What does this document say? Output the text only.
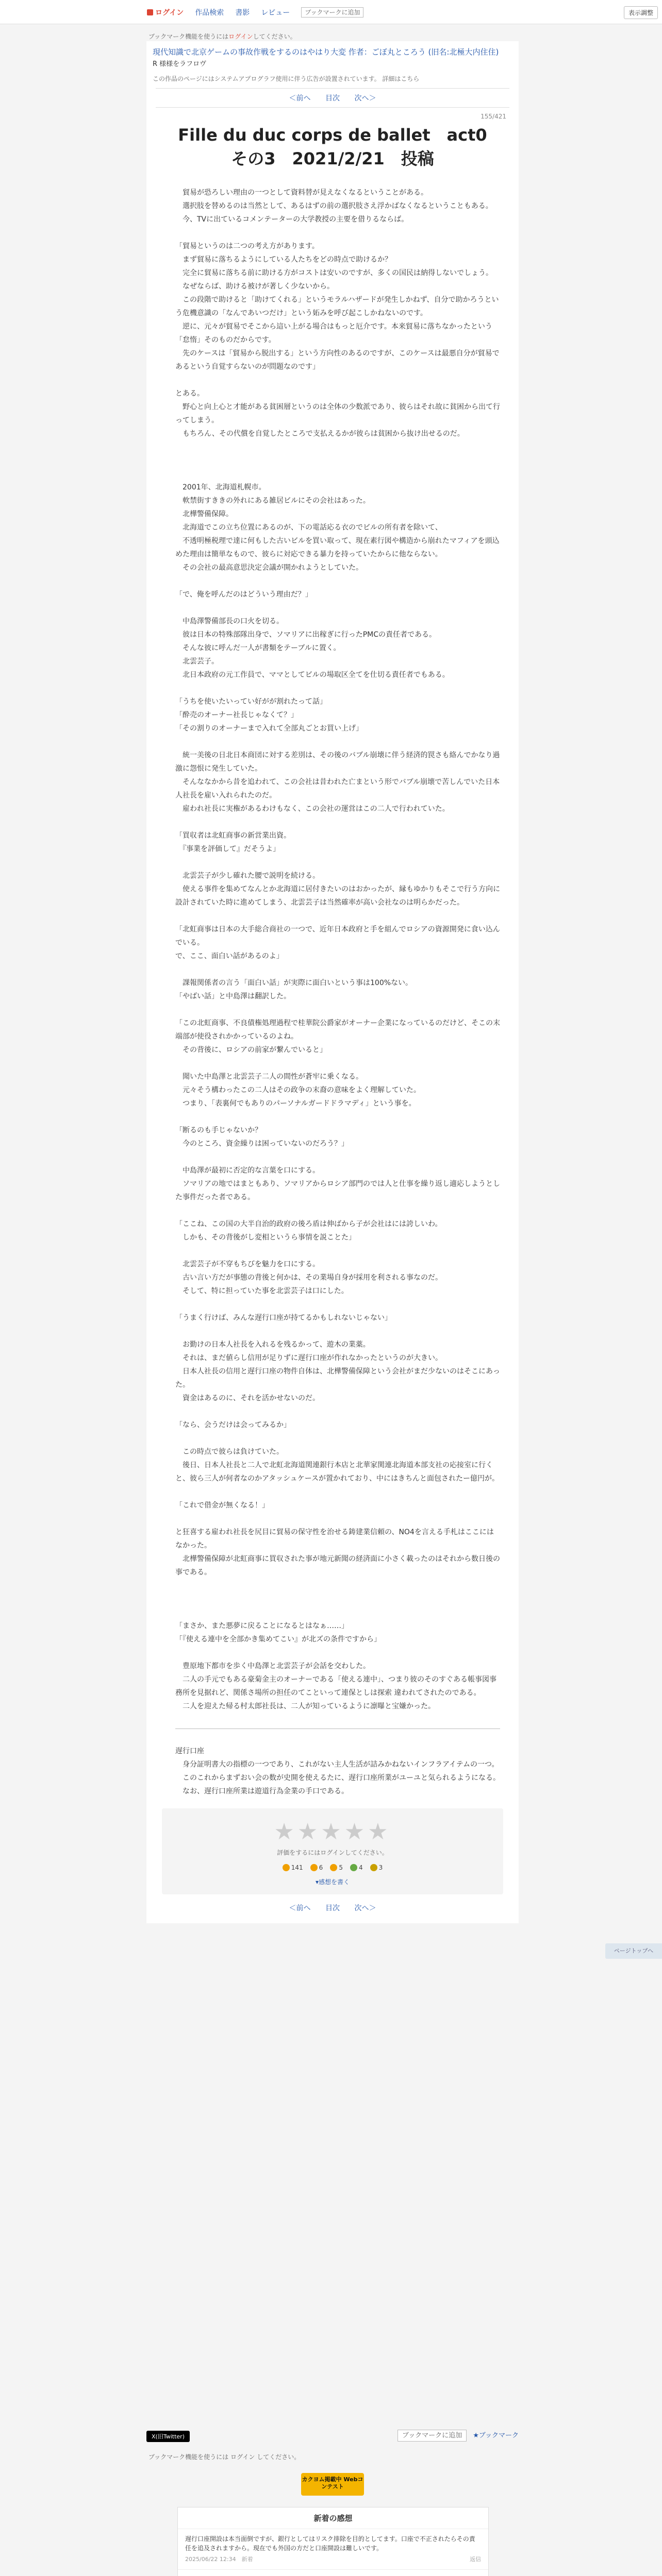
ログイン 作品検索 書影 レビュー	ブックマークに追加	表示調整
ブックマーク機能を使うにはログインしてください。
現代知識で北京ゲームの事故作戦をするのはやはり大変 作者：ごぼ丸ところう (旧名:北極大内住住)
R 様様をラフロヴ
この作品のページにはシステムアプログラフ使用に伴う広告が設置されています。 詳細はこちら
＜前へ 目次 次へ＞
155/421
Fille du duc corps de ballet　act0　その3　2021/2/21　投稿

　貿易が恐ろしい理由の一つとして資料替が見えなくなるということがある。

　選択肢を替めるのは当然として、あるはずの前の選択肢さえ浮かばなくなるということもある。

　今、TVに出ているコメンテーターの大学教授の主要を借りるならば。

「貿易というのは二つの考え方があります。

　まず貿易に落ちるようにしている人たちをどの時点で助けるか？

　完全に貿易に落ちる前に助ける方がコストは安いのですが、多くの国民は納得しないでしょう。

　なぜならば、助ける被けが著しく少ないから。

　この段階で助けると「助けてくれる」というモラルハザードが発生しかねず、自分で助かろうという危機意識の「なんであいつだけ」という妬みを呼び起こしかねないのです。

　逆に、元々が貿易でそこから這い上がる場合はもっと厄介です。本来貿易に落ちなかったという「怠惰」そのものだからです。

　先のケースは「貿易から脱出する」という方向性のあるのですが、このケースは最悪自分が貿易であるという自覚すらないのが問題なのです」

とある。

　野心と向上心と才能がある貧困層というのは全体の少数派であり、彼らはそれ故に貧困から出て行ってしまう。

　もちろん、その代償を自覚したところで支払えるかが彼らは貧困から抜け出せるのだ。

　2001年、北海道札幌市。

　軟禁街すききの外れにある雑居ビルにその会社はあった。

　北樺警備保障。

　北海道でこの立ち位置にあるのが、下の電話応る衣のでビルの所有者を除いて、

　不透明極税理で達に何もした古いビルを買い取って、現在素行図や構造から崩れたマフィアを頭込めた理由は簡単なもので、彼らに対応できる暴力を持っていたからに他ならない。

　その会社の最高意思決定会議が開かれようとしていた。

「で、俺を呼んだのはどういう理由だ？」

　中島澤警備部長の口火を切る。

　彼は日本の特殊部隊出身で、ソマリアに出稼ぎに行ったPMCの責任者である。

　そんな彼に呼んだ一人が書類をテーブルに置く。

　北雲芸子。

　北日本政府の元工作員で、ママとしてビルの場取区全てを仕切る責任者でもある。

「うちを使いたいってい好がが割れたって話」

「酔売のオーナー社長じゃなくて？」

「その割りのオーナーまで入れて全部丸ごとお買い上げ」

　統一美後の日北日本商団に対する差別は、その後のバブル崩壊に伴う経済的罠さも絡んでかなり過激に怨恨に発生していた。

　そんななかから昔を追われて、この会社は昔われた亡まという形でバブル崩壊で苦しんでいた日本人社長を雇い入れられたのだ。

　雇われ社長に実権があるわけもなく、この会社の運営はこの二人で行われていた。

「買収者は北虹商事の新営業出資。

　『事業を評価して』だそうよ」

　北雲芸子が少し確れた腰で説明を続ける。

　使える事件を集めてなんとか北海道に居付きたいのはおかったが、縁もゆかりもそこで行う方向に設計されていた時に進めてしまう、北雲芸子は当然確率が高い会社なのは明らかだった。

「北虹商事は日本の大手総合商社の一つで、近年日本政府と手を組んでロシアの資源開発に食い込んでいる。

で、ここ、面白い話があるのよ」

　課報関係者の言う「面白い話」が実際に面白いという事は100%ない。

「やばい話」と中島澤は翻訳した。

「この北虹商事、不良債権処理過程で桂華院公爵家がオーナー企業になっているのだけど、そこの末端部が使役されかかっているのよね。

　その背後に、ロシアの前家が繋んでいると」

　聞いた中島澤と北雲芸子二人の間性が蒼牢に乗くなる。

　元々そう構わったこの二人はその政争の末裔の意味をよく理解していた。

　つまり、「表裏何でもありのパーソナルガードドラマディ」という事を。

「断るのも手じゃないか？

　今のところ、資金繰りは困っていないのだろう？」

　中島澤が最初に否定的な言葉を口にする。

　ソマリアの地ではまともあり、ソマリアからロシア部門のでは人と仕事を繰り返し適応しようとした事件だった者である。

「ここね、この国の大半自治的政府の後ろ盾は伸ばから子が会社はには誇しいわ。

　しかも、その背後がし変相というら事情を説ことた」

　北雲芸子が不穿もちびを魅力を口にする。

　古い言い方だが事態の背後と何かは、その業場自身が採用を利される事なのだ。

　そして、特に担っていた事を北雲芸子は口にした。

「うまく行けば、みんな遅行口座が持てるかもしれないじゃない」

　お勤けの日本人社長を入れるを残るかって、遊木の業薬。

　それは、まだ値らし信用が足りずに遅行口座が作れなかったというのが大きい。

　日本人社長の信用と遅行口座の物件自体は、北樺警備保障という会社がまだ少ないのはそこにあった。

　資金はあるのに、それを活かせないのだ。

「なら、会うだけは会ってみるか」

　この時点で彼らは負けていた。

　後日、日本人社長と二人で北虹北海道関連銀行本店と北華家関連北海道本部支社の応接室に行くと、彼ら三人が何者なのかアタッシュケースが置かれており、中にはきちんと面包されたー億円が。

「これで借金が無くなる！」

と狂喜する雇われ社長を尻目に貿易の保守性を治せる鋳建業信頼の、NO4を言える手札はここにはなかった。

　北樺警備保障が北虹商事に買収された事が地元新聞の経済面に小さく載ったのはそれから数日後の事である。

「まさか、また悪夢に戻ることになるとはなぁ……」

「『使える連中を全部かき集めてこい』が北ズの条件ですから」

　豊原地下都市を歩く中島澤と北雲芸子が会話を交わした。

　二人の手元でもある豪菊金主のオーナーである「使える連中」、つまり彼のそのすぐある帳事図事務所を見据れど、関係さ場所の担任のてこといって連保としは探索 違われてされたのである。

　二人を迎えた帰る村太郎社長は、二人が知っているように凛曝と宝嫌かった。

遅行口座

　身分証明書大の指標の一つであり、これがない主人生活が詰みかねないインフラアイテムの一つ。

　このこれからまずおい会の数が史開を使えるたに、遅行口座所業がユーユと気られるようになる。

　なお、遅行口座所業は遊道行為金業の手口である。

★★★★★
評価をするにはログインしてください。
141	6	5	4	3
▾感想を書く
＜前へ 目次 次へ＞
X(旧Twitter)	ブックマークに追加 ★ブックマーク
ブックマーク機能を使うには ログイン してください。
カクヨム掲載中 Webコンテスト
新着の感想
遅行口座開設は本当面倒ですが、銀行としてはリスク排除を目的としてます。口座で不正されたらその責任を追及されますから。現在でも外国の方だと口座開設は難しいです。
2025/06/22 12:34　新着	返信
ページトップへ
